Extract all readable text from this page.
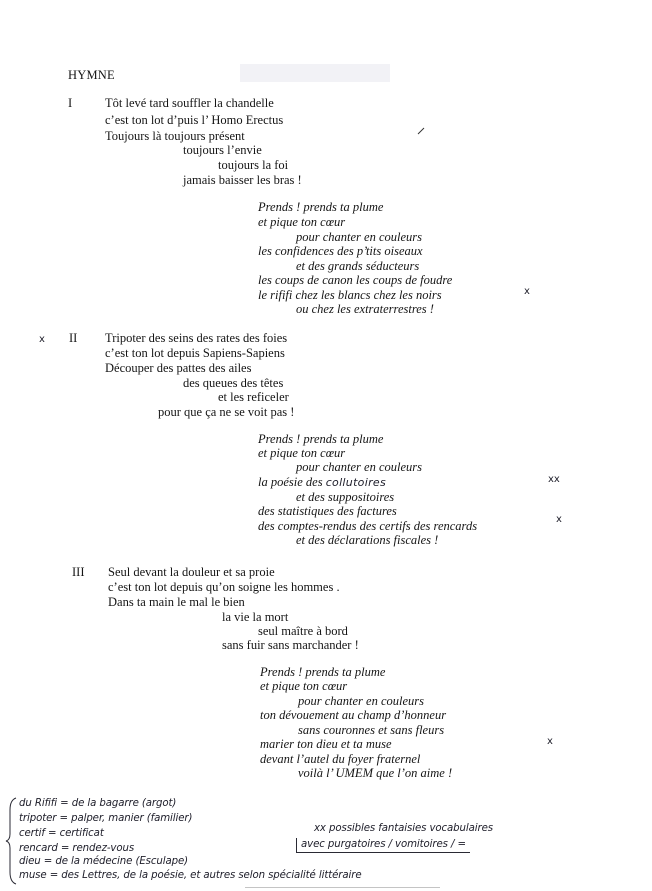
HYMNE
I	Tôt levé tard souffler la chandelle
c’est ton lot d’puis l’ Homo Erectus
Toujours là toujours présent
toujours l’envie
toujours la foi
jamais baisser les bras !
Prends ! prends ta plume
et pique ton cœur
pour chanter en couleurs
les confidences des p’tits oiseaux
et des grands séducteurs
les coups de canon les coups de foudre
le rififi chez les blancs chez les noirs
ou chez les extraterrestres !
x
x II Tripoter des seins des rates des foies
c’est ton lot depuis Sapiens-Sapiens
Découper des pattes des ailes
des queues des têtes
et les reficeler
pour que ça ne se voit pas !
Prends ! prends ta plume
et pique ton cœur
pour chanter en couleurs
la poésie des collutoires
et des suppositoires
des statistiques des factures
des comptes-rendus des certifs des rencards
et des déclarations fiscales !
xx
x
III Seul devant la douleur et sa proie
c’est ton lot depuis qu’on soigne les hommes .
Dans ta main le mal le bien
la vie la mort
seul maître à bord
sans fuir sans marchander !
Prends ! prends ta plume
et pique ton cœur
pour chanter en couleurs
ton dévouement au champ d’honneur
sans couronnes et sans fleurs
marier ton dieu et ta muse
devant l’autel du foyer fraternel
voilà l’ UMEM que l’on aime !
x
du Rififi = de la bagarre (argot)
tripoter = palper, manier (familier)
certif = certificat
rencard = rendez-vous
dieu = de la médecine (Esculape)
muse = des Lettres, de la poésie, et autres selon spécialité littéraire
xx possibles fantaisies vocabulaires
avec purgatoires / vomitoires / =
